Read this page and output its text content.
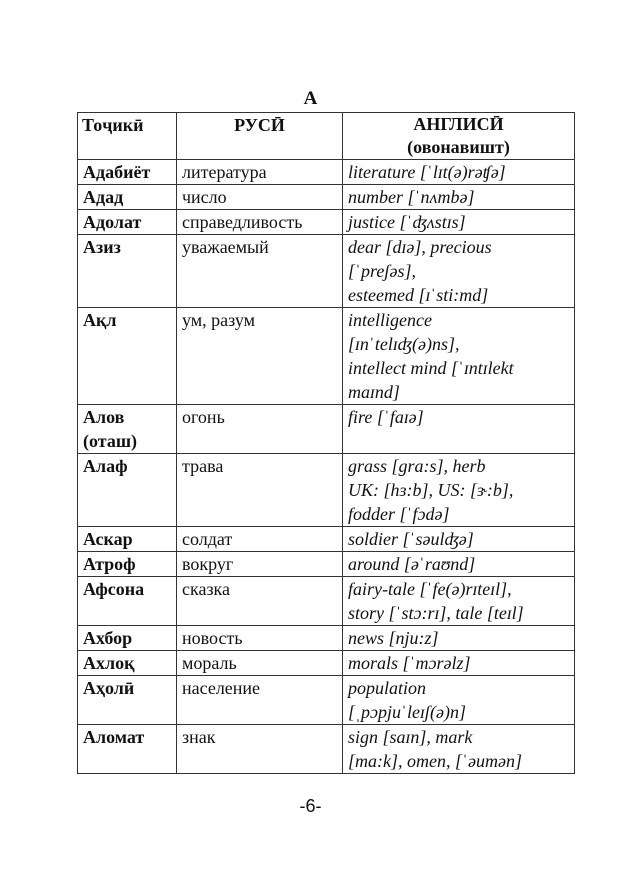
A
Тоҷикӣ	РУСӢ	АНГЛИСӢ
(овонавишт)

Адабиёт	литература	literature [ˈlɪt(ə)rəʧə]

Адад	число	number [ˈnʌmbə]

Адолат	справедливость	justice [ˈʤʌstɪs]

Азиз	уважаемый	dear [dɪə], precious
[ˈpreʃəs],
esteemed [ɪˈsti:md]

Ақл	ум, разум	intelligence
[ɪnˈtelɪʤ(ə)ns],
intellect mind [ˈɪntɪlekt
maɪnd]

Алов
(оташ)	огонь	fire [ˈfaɪə]

Алаф	трава	grass [gra:s], herb
UK: [hɜ:b], US: [ɝ:b],
fodder [ˈfɔdə]

Аскар	солдат	soldier [ˈsəulʤə]

Атроф	вокруг	around [əˈraʊnd]

Афсона	сказка	fairy-tale [ˈfe(ə)rɪteɪl],
story [ˈstɔ:rɪ], tale [teɪl]

Ахбор	новость	news [nju:z]

Ахлоқ	мораль	morals [ˈmɔrəlz]

Аҳолӣ	население	population
[ˌpɔpjuˈleɪʃ(ə)n]

Аломат	знак	sign [saɪn], mark
[ma:k], omen, [ˈəumən]
-6-
